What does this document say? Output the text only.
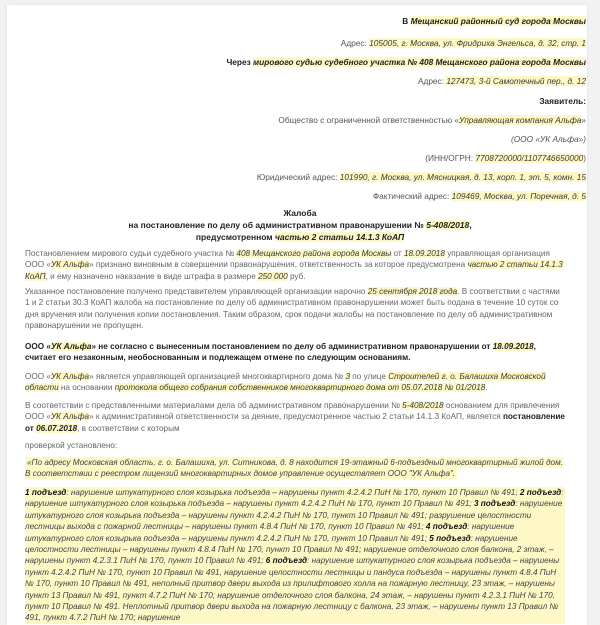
В Мещанский районный суд города Москвы
Адрес: 105005, г. Москва, ул. Фридриха Энгельса, д. 32, стр. 1
Через мирового судью судебного участка № 408 Мещанского района города Москвы
Адрес: 127473, 3-й Самотечный пер., д. 12
Заявитель:
Общество с ограниченной ответственностью «Управляющая компания Альфа»
(ООО «УК Альфа»)
(ИНН/ОГРН: 7708720000/1107746650000)
Юридический адрес: 101990, г. Москва, ул. Мясницкая, д. 13, корп. 1, эт. 5, комн. 15
Фактический адрес: 109469, Москва, ул. Поречная, д. 5
Жалоба
на постановление по делу об административном правонарушении № 5-408/2018,
предусмотренном частью 2 статьи 14.1.3 КоАП
Постановлением мирового судьи судебного участка № 408 Мещанского района города Москвы от 18.09.2018 управляющая организация ООО «УК Альфа» признано виновным в совершении правонарушения, ответственность за которое предусмотрена частью 2 статьи 14.1.3 КоАП, и ему назначено наказание в виде штрафа в размере 250 000 руб.
Указанное постановление получено представителем управляющей организации нарочно 25 сентября 2018 года. В соответствии с частями 1 и 2 статьи 30.3 КоАП жалоба на постановление по делу об административном правонарушении может быть подана в течение 10 суток со дня вручения или получения копии постановления. Таким образом, срок подачи жалобы на постановление по делу об административном правонарушении не пропущен.
ООО «УК Альфа» не согласно с вынесенным постановлением по делу об административном правонарушении от 18.09.2018, считает его незаконным, необоснованным и подлежащем отмене по следующим основаниям.
ООО «УК Альфа» является управляющей организацией многоквартирного дома № 3 по улице Строителей г. о. Балашиха Московской области на основании протокола общего собрания собственников многоквартирного дома от 05.07.2018 № 01/2018.
В соответствии с представленными материалами дела об административном правонарушении № 5-408/2018 основанием для привлечения ООО «УК Альфа» к административной ответственности за деяние, предусмотренное частью 2 статьи 14.1.3 КоАП, является постановление от 06.07.2018, в соответствии с которым
проверкой установлено:
«По адресу Московская область, г. о. Балашиха, ул. Ситникова, д. 8 находится 19-этажный 6-подъездный многоквартирный жилой дом. В соответствии с реестром лицензий многоквартирных домов управление осуществляет ООО "УК Альфа".
1 подъезд: нарушение штукатурного слоя козырька подъезда – нарушены пункт 4.2.4.2 ПиН № 170, пункт 10 Правил № 491; 2 подъезд: нарушение штукатурного слоя козырька подъезда – нарушены пункт 4.2.4.2 ПиН № 170, пункт 10 Правил № 491; 3 подъезд: нарушение штукатурного слоя козырька подъезда – нарушены пункт 4.2.4.2 ПиН № 170, пункт 10 Правил № 491; разрушение целостности лестницы выхода с пожарной лестницы – нарушены пункт 4.8.4 ПиН № 170, пункт 10 Правил № 491; 4 подъезд: нарушение штукатурного слоя козырька подъезда – нарушены пункт 4.2.4.2 ПиН № 170, пункт 10 Правил № 491; 5 подъезд: нарушение целостности лестницы – нарушены пункт 4.8.4 ПиН № 170, пункт 10 Правил № 491; нарушение отделочного слоя балкона, 2 этаж, – нарушены пункт 4.2.3.1 ПиН № 170, пункт 10 Правил № 491; 6 подъезд: нарушение штукатурного слоя козырька подъезда – нарушены пункт 4.2.4.2 ПиН № 170, пункт 10 Правил № 491, нарушение целостности лестницы и пандуса подъезда – нарушены пункт 4.8.4 ПиН № 170, пункт 10 Правил № 491, неполный притвор двери выхода из прилифтового холла на пожарную лестницу, 23 этаж, – нарушены пункт 13 Правил № 491, пункт 4.7.2 ПиН № 170; нарушение отделочного слоя балкона, 24 этаж, – нарушены пункт 4.2.3.1 ПиН № 170, пункт 10 Правил № 491. Неплотный притвор двери выхода на пожарную лестницу с балкона, 23 этаж, – нарушены пункт 13 Правил № 491, пункт 4.7.2 ПиН № 170; нарушение
